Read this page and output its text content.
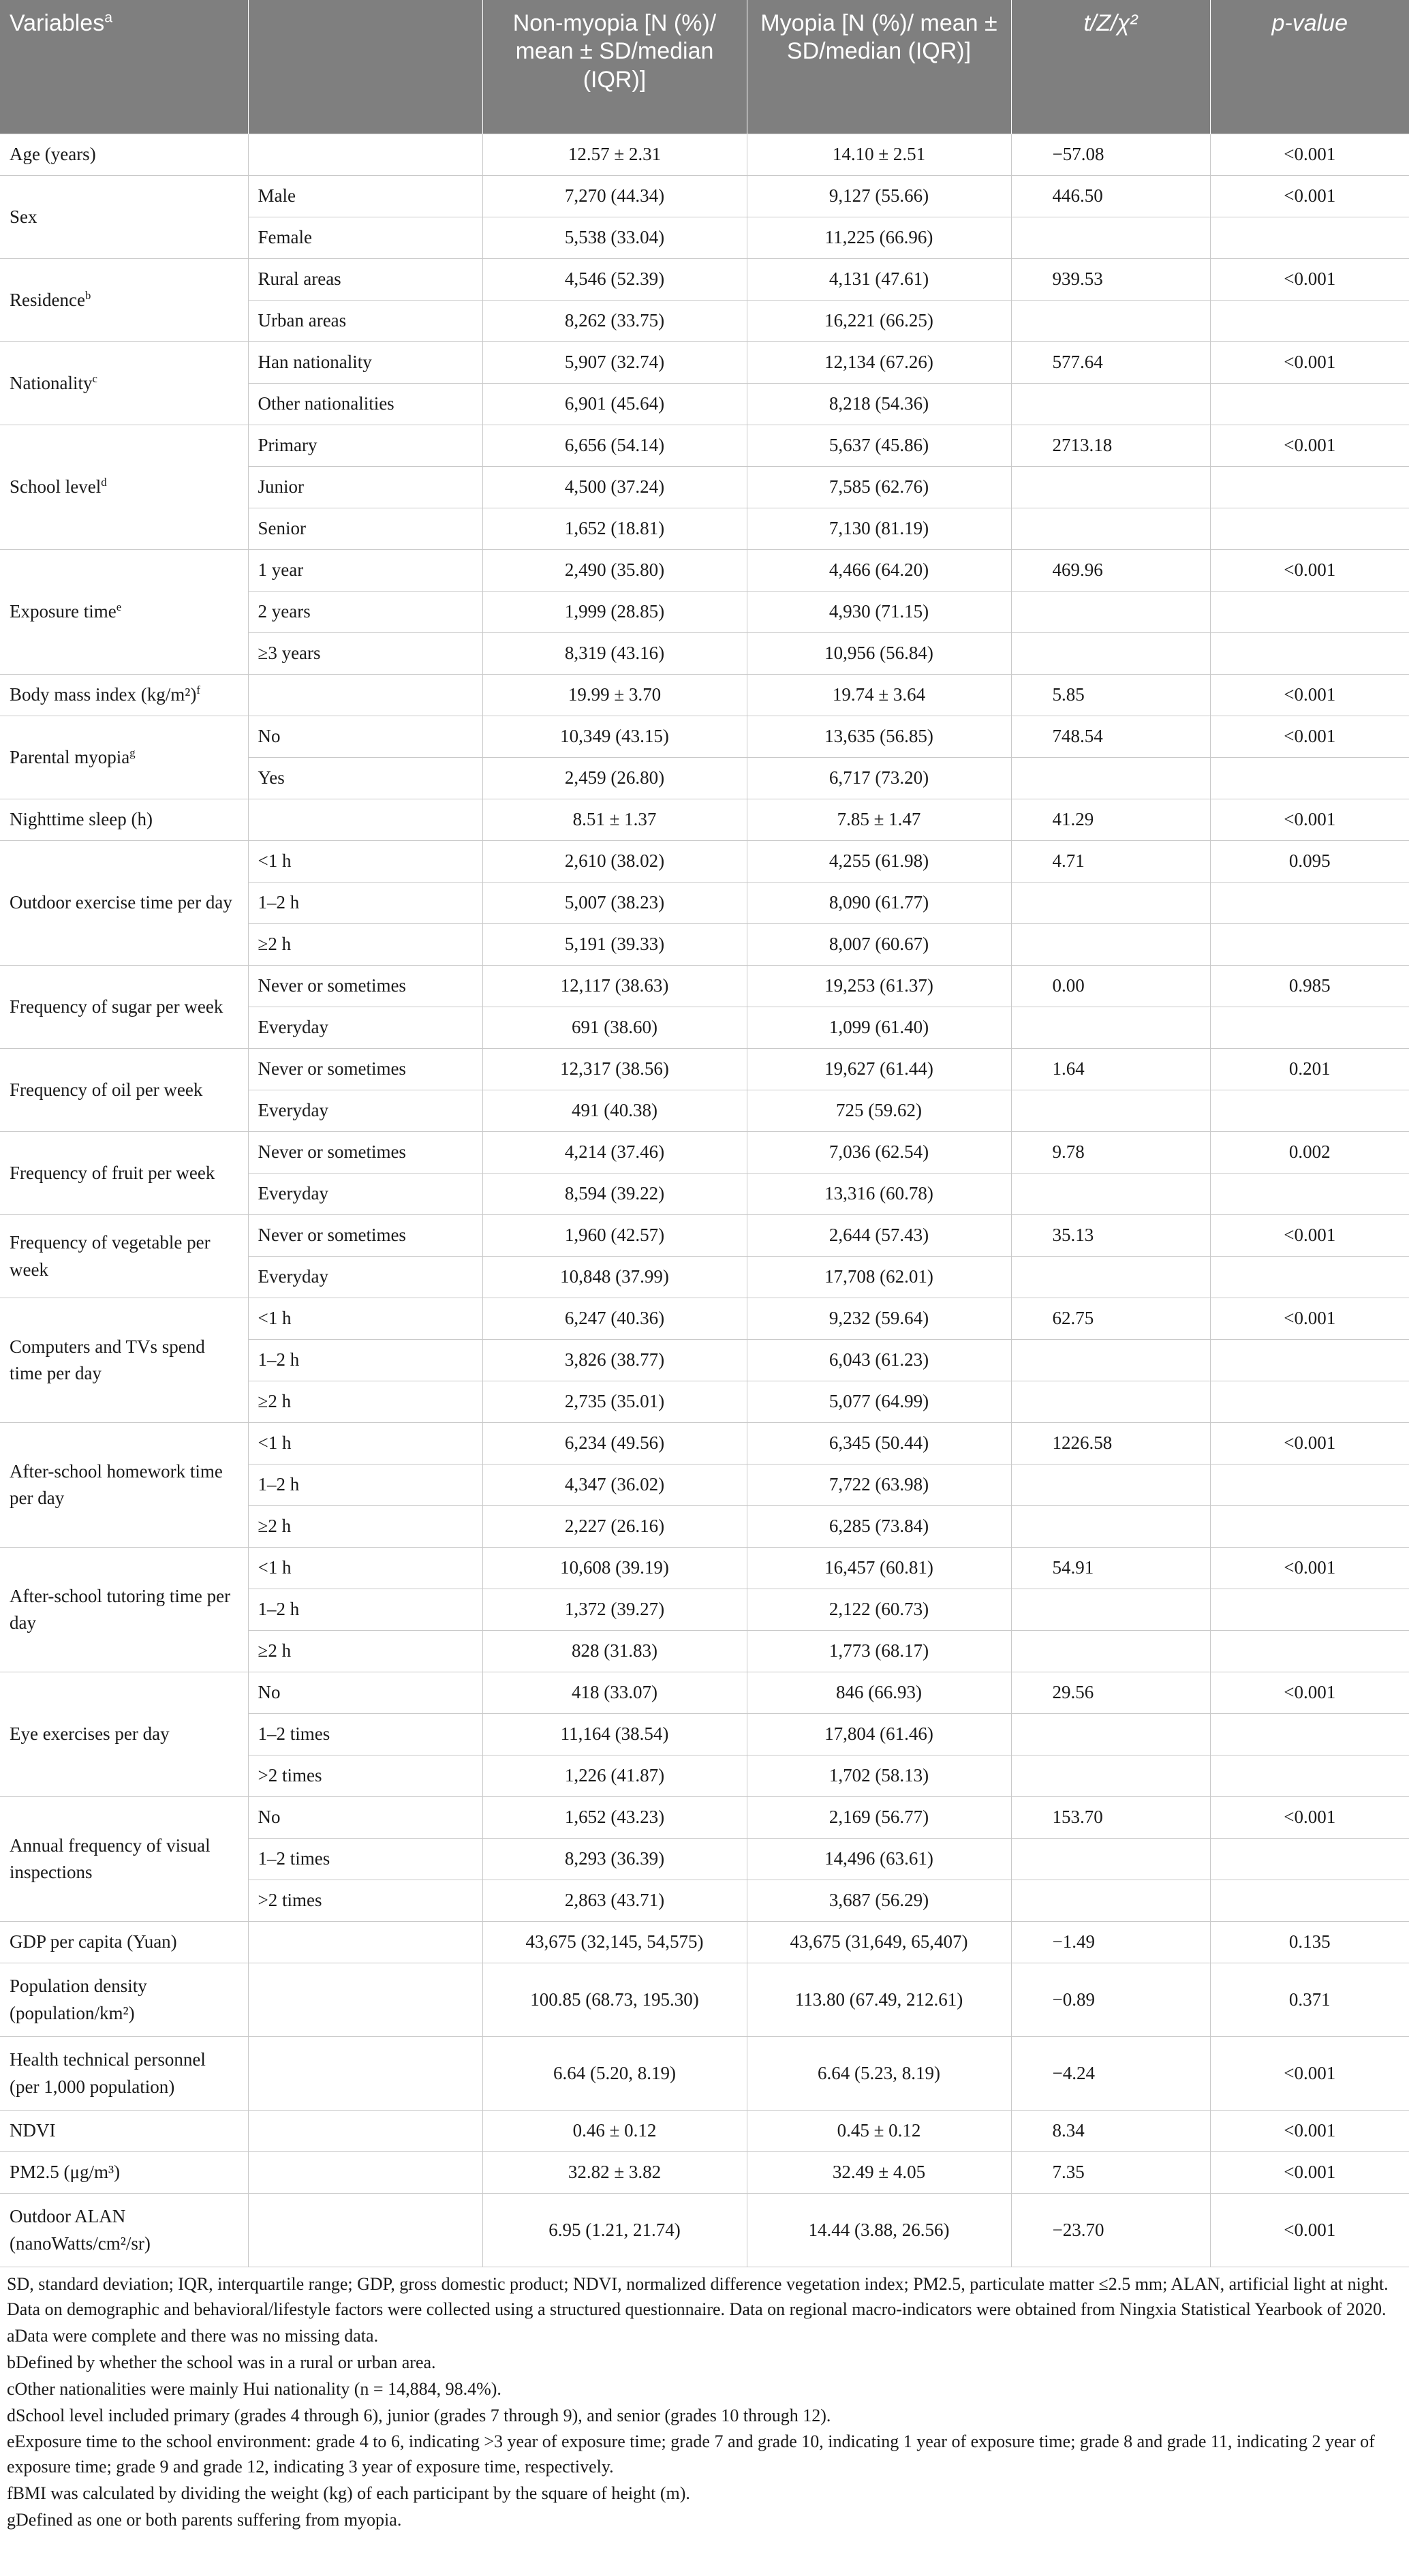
Variables$^a$		Non-myopia [N (%)/ mean ± SD/median (IQR)]	Myopia [N (%)/ mean ± SD/median (IQR)]	t/Z/χ²	p-value
Age (years)		12.57 ± 2.31	14.10 ± 2.51	−57.08	<0.001
Sex	Male	7,270 (44.34)	9,127 (55.66)	446.50	<0.001
	Female	5,538 (33.04)	11,225 (66.96)		
Residence$^b$	Rural areas	4,546 (52.39)	4,131 (47.61)	939.53	<0.001
	Urban areas	8,262 (33.75)	16,221 (66.25)		
Nationality$^c$	Han nationality	5,907 (32.74)	12,134 (67.26)	577.64	<0.001
	Other nationalities	6,901 (45.64)	8,218 (54.36)		
School level$^d$	Primary	6,656 (54.14)	5,637 (45.86)	2713.18	<0.001
	Junior	4,500 (37.24)	7,585 (62.76)		
	Senior	1,652 (18.81)	7,130 (81.19)		
Exposure time$^e$	1 year	2,490 (35.80)	4,466 (64.20)	469.96	<0.001
	2 years	1,999 (28.85)	4,930 (71.15)		
	≥3 years	8,319 (43.16)	10,956 (56.84)		
Body mass index $(kg/m^2)^f$		19.99 ± 3.70	19.74 ± 3.64	5.85	<0.001
Parental myopia$^g$	No	10,349 (43.15)	13,635 (56.85)	748.54	<0.001
	Yes	2,459 (26.80)	6,717 (73.20)		
Nighttime sleep (h)		8.51 ± 1.37	7.85 ± 1.47	41.29	<0.001
Outdoor exercise time per day	<1 h	2,610 (38.02)	4,255 (61.98)	4.71	0.095
	1–2 h	5,007 (38.23)	8,090 (61.77)		
	≥2 h	5,191 (39.33)	8,007 (60.67)		
Frequency of sugar per week	Never or sometimes	12,117 (38.63)	19,253 (61.37)	0.00	0.985
	Everyday	691 (38.60)	1,099 (61.40)		
Frequency of oil per week	Never or sometimes	12,317 (38.56)	19,627 (61.44)	1.64	0.201
	Everyday	491 (40.38)	725 (59.62)		
Frequency of fruit per week	Never or sometimes	4,214 (37.46)	7,036 (62.54)	9.78	0.002
	Everyday	8,594 (39.22)	13,316 (60.78)		
Frequency of vegetable per week	Never or sometimes	1,960 (42.57)	2,644 (57.43)	35.13	<0.001
	Everyday	10,848 (37.99)	17,708 (62.01)		
Computers and TVs spend time per day	<1 h	6,247 (40.36)	9,232 (59.64)	62.75	<0.001
	1–2 h	3,826 (38.77)	6,043 (61.23)		
	≥2 h	2,735 (35.01)	5,077 (64.99)		
After-school homework time per day	<1 h	6,234 (49.56)	6,345 (50.44)	1226.58	<0.001
	1–2 h	4,347 (36.02)	7,722 (63.98)		
	≥2 h	2,227 (26.16)	6,285 (73.84)		
After-school tutoring time per day	<1 h	10,608 (39.19)	16,457 (60.81)	54.91	<0.001
	1–2 h	1,372 (39.27)	2,122 (60.73)		
	≥2 h	828 (31.83)	1,773 (68.17)		
Eye exercises per day	No	418 (33.07)	846 (66.93)	29.56	<0.001
	1–2 times	11,164 (38.54)	17,804 (61.46)		
	>2 times	1,226 (41.87)	1,702 (58.13)		
Annual frequency of visual inspections	No	1,652 (43.23)	2,169 (56.77)	153.70	<0.001
	1–2 times	8,293 (36.39)	14,496 (63.61)		
	>2 times	2,863 (43.71)	3,687 (56.29)		
GDP per capita (Yuan)		43,675 (32,145, 54,575)	43,675 (31,649, 65,407)	−1.49	0.135
Population density (population/km²)		100.85 (68.73, 195.30)	113.80 (67.49, 212.61)	−0.89	0.371
Health technical personnel (per 1,000 population)		6.64 (5.20, 8.19)	6.64 (5.23, 8.19)	−4.24	<0.001
NDVI		0.46 ± 0.12	0.45 ± 0.12	8.34	<0.001
PM2.5 (μg/m³)		32.82 ± 3.82	32.49 ± 4.05	7.35	<0.001
Outdoor ALAN (nanoWatts/cm²/sr)		6.95 (1.21, 21.74)	14.44 (3.88, 26.56)	−23.70	<0.001

SD, standard deviation; IQR, interquartile range; GDP, gross domestic product; NDVI, normalized difference vegetation index; PM2.5, particulate matter ≤2.5 mm; ALAN, artificial light at night. Data on demographic and behavioral/lifestyle factors were collected using a structured questionnaire. Data on regional macro-indicators were obtained from Ningxia Statistical Yearbook of 2020.

aData were complete and there was no missing data.

bDefined by whether the school was in a rural or urban area.

cOther nationalities were mainly Hui nationality (n = 14,884, 98.4%).

dSchool level included primary (grades 4 through 6), junior (grades 7 through 9), and senior (grades 10 through 12).

eExposure time to the school environment: grade 4 to 6, indicating >3 year of exposure time; grade 7 and grade 10, indicating 1 year of exposure time; grade 8 and grade 11, indicating 2 year of exposure time; grade 9 and grade 12, indicating 3 year of exposure time, respectively.

fBMI was calculated by dividing the weight (kg) of each participant by the square of height (m).

gDefined as one or both parents suffering from myopia.
